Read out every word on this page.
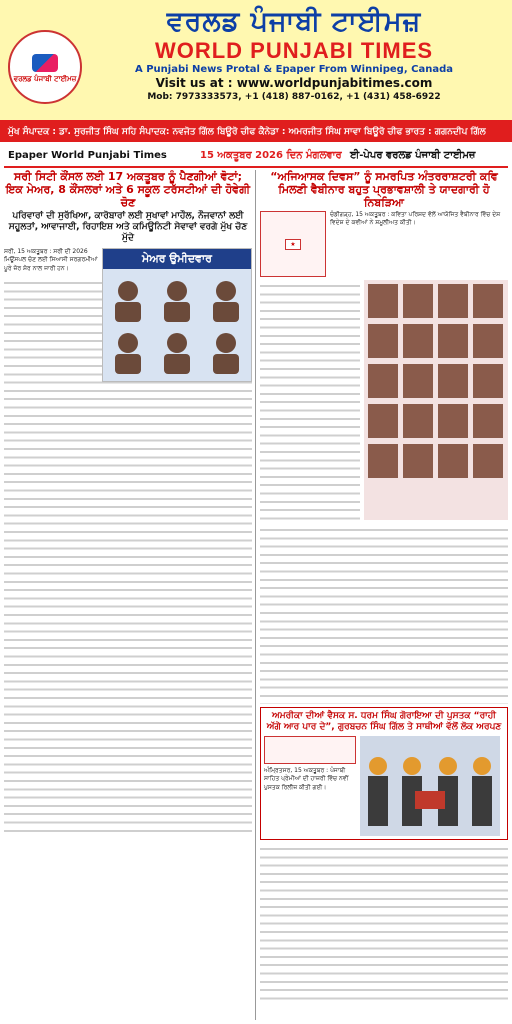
ਵਰਲਡ ਪੰਜਾਬੀ ਟਾਈਮਜ਼
ਵਰਲਡ ਪੰਜਾਬੀ ਟਾਈਮਜ਼
WORLD PUNJABI TIMES
A Punjabi News Protal & Epaper From Winnipeg, Canada
Visit us at : www.worldpunjabitimes.com
Mob: 7973333573, +1 (418) 887-0162, +1 (431) 458-6922
ਮੁੱਖ ਸੰਪਾਦਕ : ਡਾ. ਸੁਰਜੀਤ ਸਿੰਘ ਸਹਿ ਸੰਪਾਦਕ: ਨਵਜੋਤ ਗਿੱਲ ਬਿਊਰੋ ਚੀਫ ਕੈਨੇਡਾ : ਅਮਰਜੀਤ ਸਿੰਘ ਸਾਵਾ ਬਿਊਰੋ ਚੀਫ ਭਾਰਤ : ਗਗਨਦੀਪ ਗਿੱਲ
Epaper World Punjabi Times	15 ਅਕਤੂਬਰ 2026 ਦਿਨ ਮੰਗਲਵਾਰ ਈ-ਪੇਪਰ ਵਰਲਡ ਪੰਜਾਬੀ ਟਾਈਮਜ਼
ਸਰੀ ਸਿਟੀ ਕੌਂਸਲ ਲਈ 17 ਅਕਤੂਬਰ ਨੂੰ ਪੈਣਗੀਆਂ ਵੋਟਾਂ; ਇਕ ਮੇਅਰ, 8 ਕੌਂਸਲਰਾਂ ਅਤੇ 6 ਸਕੂਲ ਟਰੱਸਟੀਆਂ ਦੀ ਹੋਵੇਗੀ ਚੋਣ
ਪਰਿਵਾਰਾਂ ਦੀ ਸੁਰੱਖਿਆ, ਕਾਰੋਬਾਰਾਂ ਲਈ ਸੁਖਾਵਾਂ ਮਾਹੌਲ, ਨੌਜਵਾਨਾਂ ਲਈ ਸਹੂਲਤਾਂ, ਆਵਾਜਾਈ, ਰਿਹਾਇਸ਼ ਅਤੇ ਕਮਿਊਨਿਟੀ ਸੇਵਾਵਾਂ ਵਰਗੇ ਮੁੱਖ ਚੋਣ ਮੁੱਦੇ
ਮੇਅਰ ਉਮੀਦਵਾਰ
ਸਰੀ, 15 ਅਕਤੂਬਰ : ਸਰੀ ਦੀ 2026 ਮਿਊਂਸਪਲ ਚੋਣ ਲਈ ਸਿਆਸੀ ਸਰਗਰਮੀਆਂ ਪੂਰੇ ਜ਼ੋਰ ਸ਼ੋਰ ਨਾਲ ਜਾਰੀ ਹਨ।
“ਅਜਿਆਸਕ ਦਿਵਸ” ਨੂੰ ਸਮਰਪਿਤ ਅੰਤਰਰਾਸ਼ਟਰੀ ਕਵਿ ਮਿਲਣੀ ਵੈਬੀਨਾਰ ਬਹੁਤ ਪ੍ਰਭਾਵਸ਼ਾਲੀ ਤੇ ਯਾਦਗਾਰੀ ਹੋ ਨਿਬੜਿਆ
★
ਚੰਡੀਗੜ੍ਹ, 15 ਅਕਤੂਬਰ : ਕਵਿਤਾ ਪਰਿਸ਼ਦ ਵੱਲੋਂ ਆਯੋਜਿਤ ਵੈਬੀਨਾਰ ਵਿੱਚ ਦੇਸ਼ ਵਿਦੇਸ਼ ਦੇ ਕਵੀਆਂ ਨੇ ਸ਼ਮੂਲੀਅਤ ਕੀਤੀ।
ਅਮਰੀਕਾ ਦੀਆਂ ਵੈਸਕ ਸ. ਧਰਮ ਸਿੰਘ ਗੋਰਾਇਆ ਦੀ ਪੁਸਤਕ “ਰਾਹੀ ਅੱਗੇ ਆਰ ਪਾਰ ਦੇ”, ਗੁਰਬਚਨ ਸਿੰਘ ਗਿੱਲ ਤੇ ਸਾਥੀਆਂ ਵੱਲੋਂ ਲੋਕ ਅਰਪਣ
ਅੰਮ੍ਰਿਤਸਰ, 15 ਅਕਤੂਬਰ : ਪੰਜਾਬੀ ਸਾਹਿਤ ਪ੍ਰੇਮੀਆਂ ਦੀ ਹਾਜ਼ਰੀ ਵਿੱਚ ਨਵੀਂ ਪੁਸਤਕ ਰਿਲੀਜ਼ ਕੀਤੀ ਗਈ।
